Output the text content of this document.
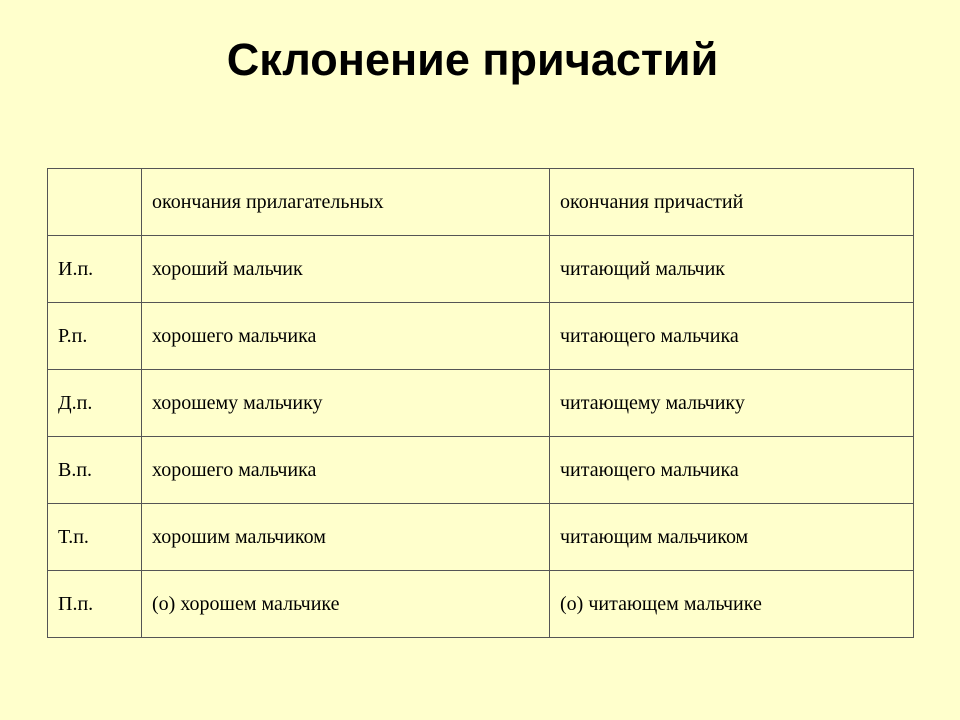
Склонение причастий
	окончания прилагательных	окончания причастий
И.п.	хороший мальчик	читающий мальчик
Р.п.	хорошего мальчика	читающего мальчика
Д.п.	хорошему мальчику	читающему мальчику
В.п.	хорошего мальчика	читающего мальчика
Т.п.	хорошим мальчиком	читающим мальчиком
П.п.	(о) хорошем мальчике	(о) читающем мальчике
